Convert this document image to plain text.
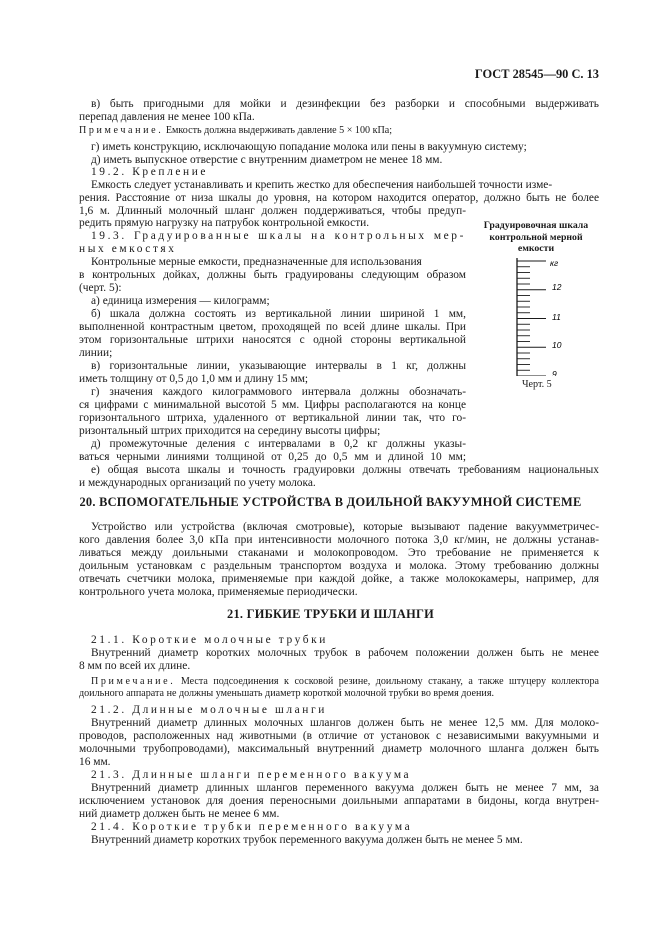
ГОСТ 28545—90 С. 13
в) быть пригодными для мойки и дезинфекции без разборки и способными выдерживать
перепад давления не менее 100 кПа.
Примечание. Емкость должна выдерживать давление 5 × 100 кПа;
г) иметь конструкцию, исключающую попадание молока или пены в вакуумную систему;
д) иметь выпускное отверстие с внутренним диаметром не менее 18 мм.
19.2. Крепление
Емкость следует устанавливать и крепить жестко для обеспечения наибольшей точности изме-
рения. Расстояние от низа шкалы до уровня, на котором находится оператор, должно быть не более
1,6 м. Длинный молочный шланг должен поддерживаться, чтобы предуп-
редить прямую нагрузку на патрубок контрольной емкости.
19.3. Градуированные шкалы на контрольных мер-
ных емкостях
Контрольные мерные емкости, предназначенные для использования
в контрольных дойках, должны быть градуированы следующим образом
(черт. 5):
а) единица измерения — килограмм;
б) шкала должна состоять из вертикальной линии шириной 1 мм,
выполненной контрастным цветом, проходящей по всей длине шкалы. При
этом горизонтальные штрихи наносятся с одной стороны вертикальной
линии;
в) горизонтальные линии, указывающие интервалы в 1 кг, должны
иметь толщину от 0,5 до 1,0 мм и длину 15 мм;
г) значения каждого килограммового интервала должны обозначать-
ся цифрами с минимальной высотой 5 мм. Цифры располагаются на конце
горизонтального штриха, удаленного от вертикальной линии так, что го-
ризонтальный штрих приходится на середину высоты цифры;
д) промежуточные деления с интервалами в 0,2 кг должны указы-
ваться черными линиями толщиной от 0,25 до 0,5 мм и длиной 10 мм;
е) общая высота шкалы и точность градуировки должны отвечать требованиям национальных
и международных организаций по учету молока.
Градуировочная шкала
контрольной мерной
емкости
кг
12
11
10
9
Черт. 5
20. ВСПОМОГАТЕЛЬНЫЕ УСТРОЙСТВА В ДОИЛЬНОЙ ВАКУУМНОЙ СИСТЕМЕ
Устройство или устройства (включая смотровые), которые вызывают падение вакуумметричес-
кого давления более 3,0 кПа при интенсивности молочного потока 3,0 кг/мин, не должны устанав-
ливаться между доильными стаканами и молокопроводом. Это требование не применяется к
доильным установкам с раздельным транспортом воздуха и молока. Этому требованию должны
отвечать счетчики молока, применяемые при каждой дойке, а также молококамеры, например, для
контрольного учета молока, применяемые периодически.
21. ГИБКИЕ ТРУБКИ И ШЛАНГИ
21.1. Короткие молочные трубки
Внутренний диаметр коротких молочных трубок в рабочем положении должен быть не менее
8 мм по всей их длине.
Примечание. Места подсоединения к сосковой резине, доильному стакану, а также штуцеру коллектора
доильного аппарата не должны уменьшать диаметр короткой молочной трубки во время доения.
21.2. Длинные молочные шланги
Внутренний диаметр длинных молочных шлангов должен быть не менее 12,5 мм. Для молоко-
проводов, расположенных над животными (в отличие от установок с независимыми вакуумными и
молочными трубопроводами), максимальный внутренний диаметр молочного шланга должен быть
16 мм.
21.3. Длинные шланги переменного вакуума
Внутренний диаметр длинных шлангов переменного вакуума должен быть не менее 7 мм, за
исключением установок для доения переносными доильными аппаратами в бидоны, когда внутрен-
ний диаметр должен быть не менее 6 мм.
21.4. Короткие трубки переменного вакуума
Внутренний диаметр коротких трубок переменного вакуума должен быть не менее 5 мм.
